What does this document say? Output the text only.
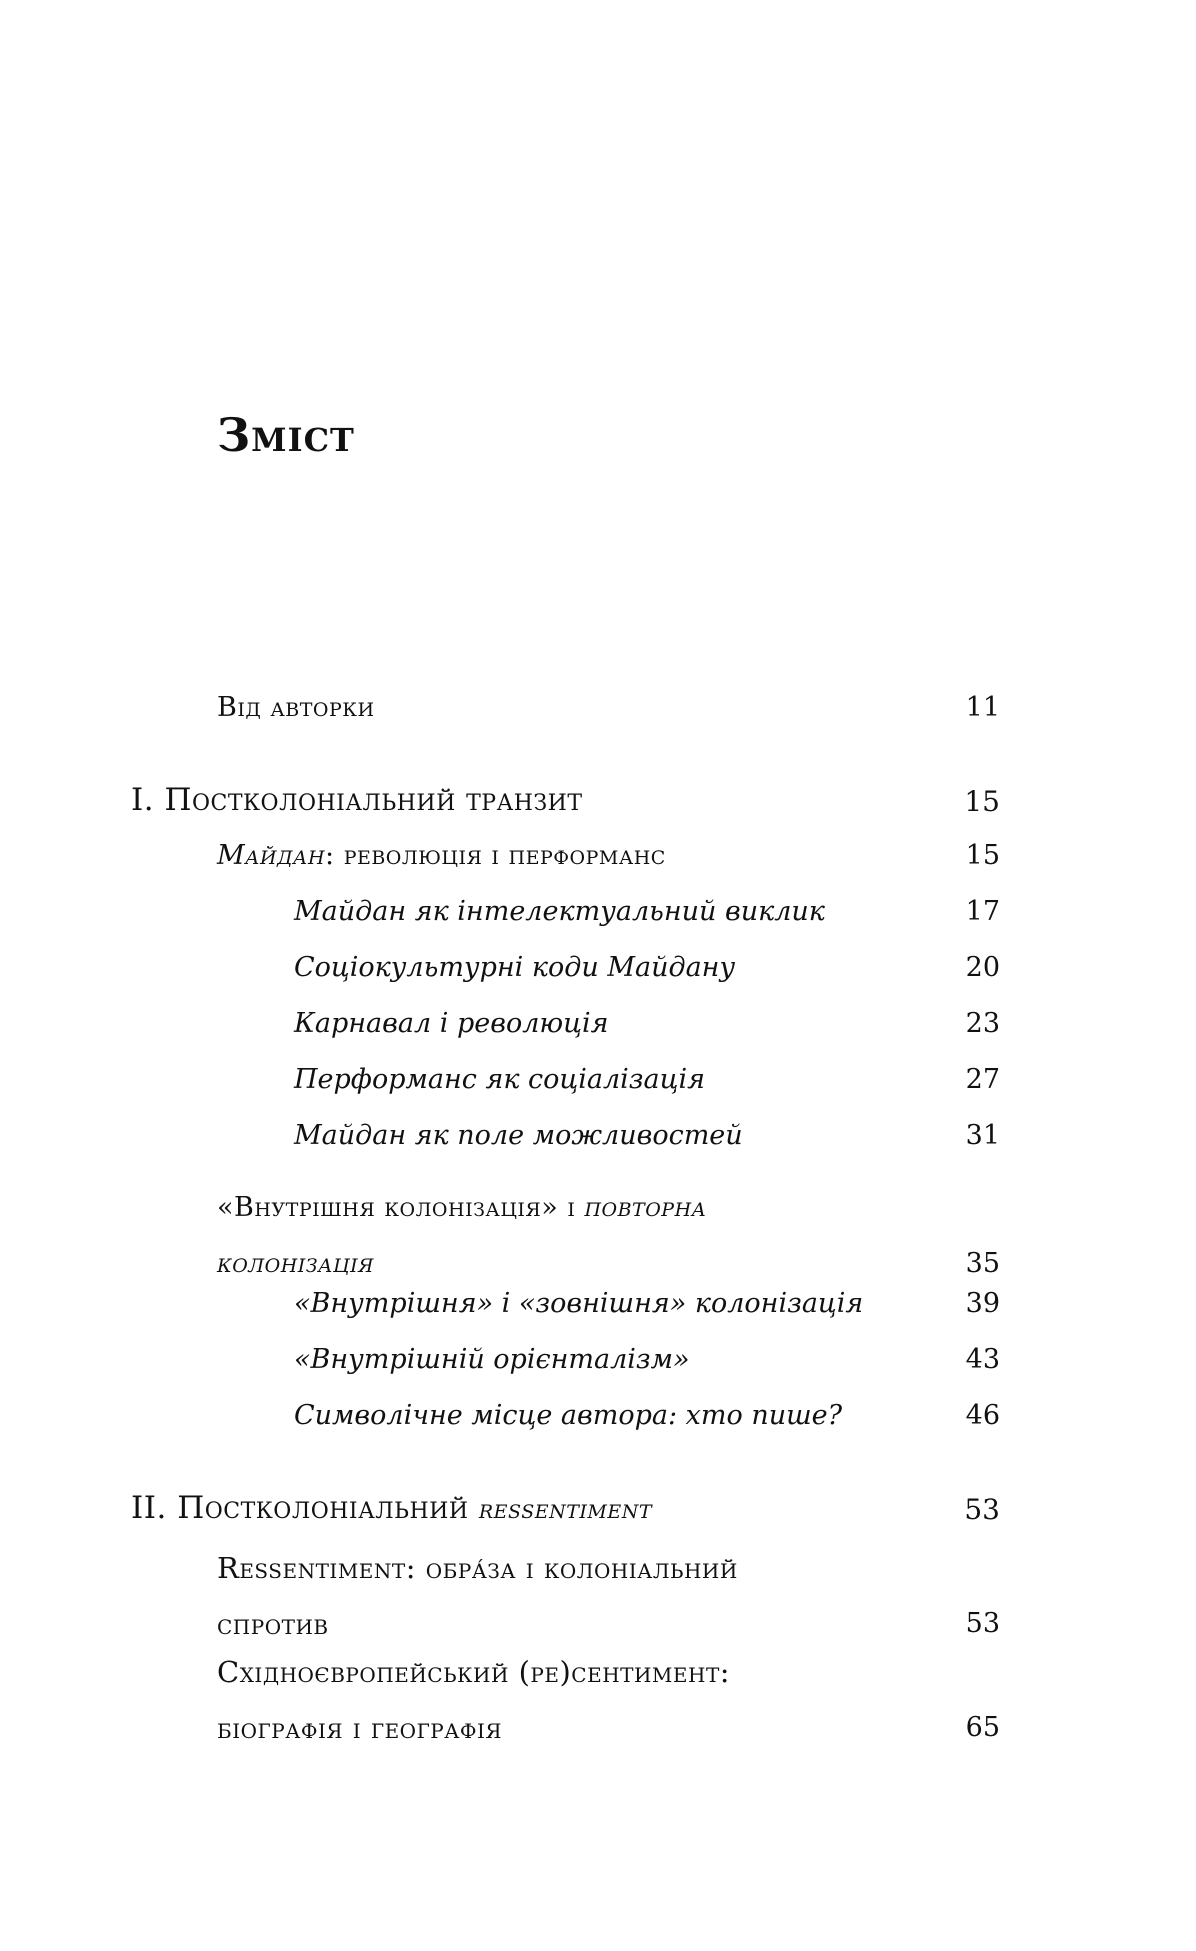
Зміст
Від авторки	11
I. Постколоніальний транзит	15
Майдан: революція і перформанс	15
Майдан як інтелектуальний виклик	17
Соціокультурні коди Майдану	20
Карнавал і революція	23
Перформанс як соціалізація	27
Майдан як поле можливостей	31
«Внутрішня колонізація» і повторна
колонізація	35
«Внутрішня» і «зовнішня» колонізація	39
«Внутрішній орієнталізм»	43
Символічне місце автора: хто пише?	46
II. Постколоніальний ressentiment	53
Ressentiment: обра́за і колоніальний
спротив	53
Східноєвропейський (ре)сентимент:
біографія і географія	65
